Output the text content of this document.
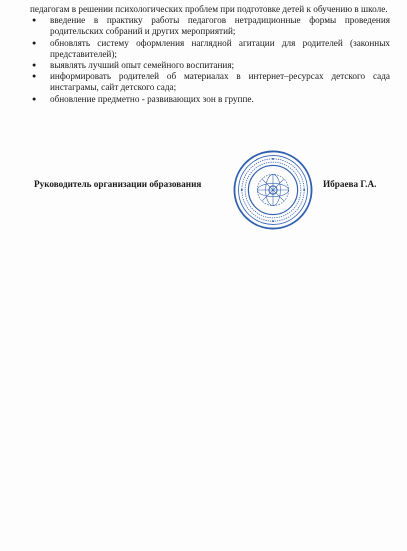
педагогам в решении психологических проблем при подготовке детей к обучению в школе.

●	введение в практику работы педагогов нетрадиционные формы проведения родительских собраний и других мероприятий;
●	обновлять систему оформления наглядной агитации для родителей (законных представителей);
●	выявлять лучший опыт семейного воспитания;
●	информировать родителей об материалах в интернет–ресурсах детского сада инстаграмы, сайт детского сада;
●	обновление предметно - развивающих зон в группе.
Руководитель организации образования	Ибраева Г.А.
